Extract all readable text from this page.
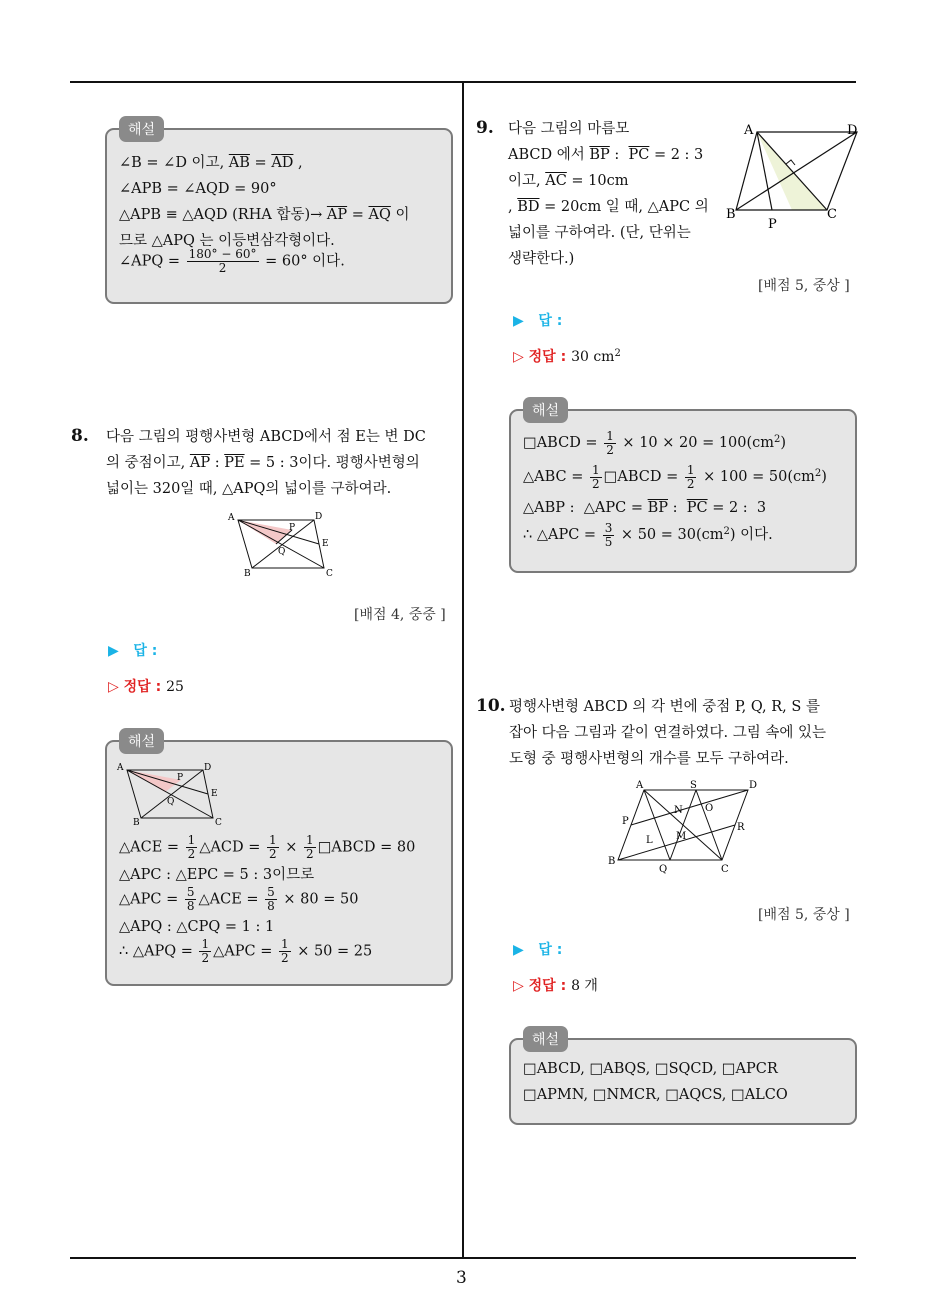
해설
∠B = ∠D 이고, $\overline{AB} = \overline{AD}$ ,
∠APB = ∠AQD = 90°
△APB ≡ △AQD (RHA 합동)→ $\overline{AP} = \overline{AQ}$ 이
므로 △APQ 는 이등변삼각형이다.
∠APQ = $\frac{180^\circ - 60^\circ}{2} = 60^\circ$ 이다.
8. 다음 그림의 평행사변형 ABCD에서 점 E는 변 DC
의 중점이고, $\overline{AP}$ : $\overline{PE} = 5$ : 3이다. 평행사변형의
넓이는 320일 때, △APQ의 넓이를 구하여라.
A	D
B	C
P
E
Q
[배점 4, 중중 ]
▶ 답 :
▷ 정답 : 25
해설
A	D
B	C
P
E
Q
△ACE = $\frac{1}{2}$ △ACD = $\frac{1}{2} \times \frac{1}{2}$ □ABCD = 80
△APC : △EPC = 5 : 3이므로
△APC = $\frac{5}{8}$ △ACE = $\frac{5}{8} \times 80 = 50$
△APQ : △CPQ = 1 : 1
∴ △APQ = $\frac{1}{2}$ △APC = $\frac{1}{2} \times 50 = 25$
9. 다음 그림의 마름모
ABCD 에서 $\overline{BP}$ :  $\overline{PC} = 2$ : 3
이고, $\overline{AC} = 10cm$
, $\overline{BD} = 20cm$ 일 때, △APC 의
넓이를 구하여라. (단, 단위는
생략한다.)
A	D
B	C
P
[배점 5, 중상 ]
▶ 답 :
▷ 정답 : 30 $cm^2$
해설
□ABCD = $\frac{1}{2} \times 10 \times 20 = 100(cm^2)$
△ABC = $\frac{1}{2}$ □ABCD = $\frac{1}{2} \times 100 = 50(cm^2)$
△ABP :  △APC = $\overline{BP}$ :  $\overline{PC} = 2$ :  3
∴ △APC = $\frac{3}{5} \times 50 = 30(cm^2)$ 이다.
10. 평행사변형 ABCD 의 각 변에 중점 P, Q, R, S 를
잡아 다음 그림과 같이 연결하였다. 그림 속에 있는
도형 중 평행사변형의 개수를 모두 구하여라.
A	S	D
P
R
B
Q	C
N O
L M
[배점 5, 중상 ]
▶ 답 :
▷ 정답 : 8 개
해설
□ABCD, □ABQS, □SQCD, □APCR
□APMN, □NMCR, □AQCS, □ALCO
3
